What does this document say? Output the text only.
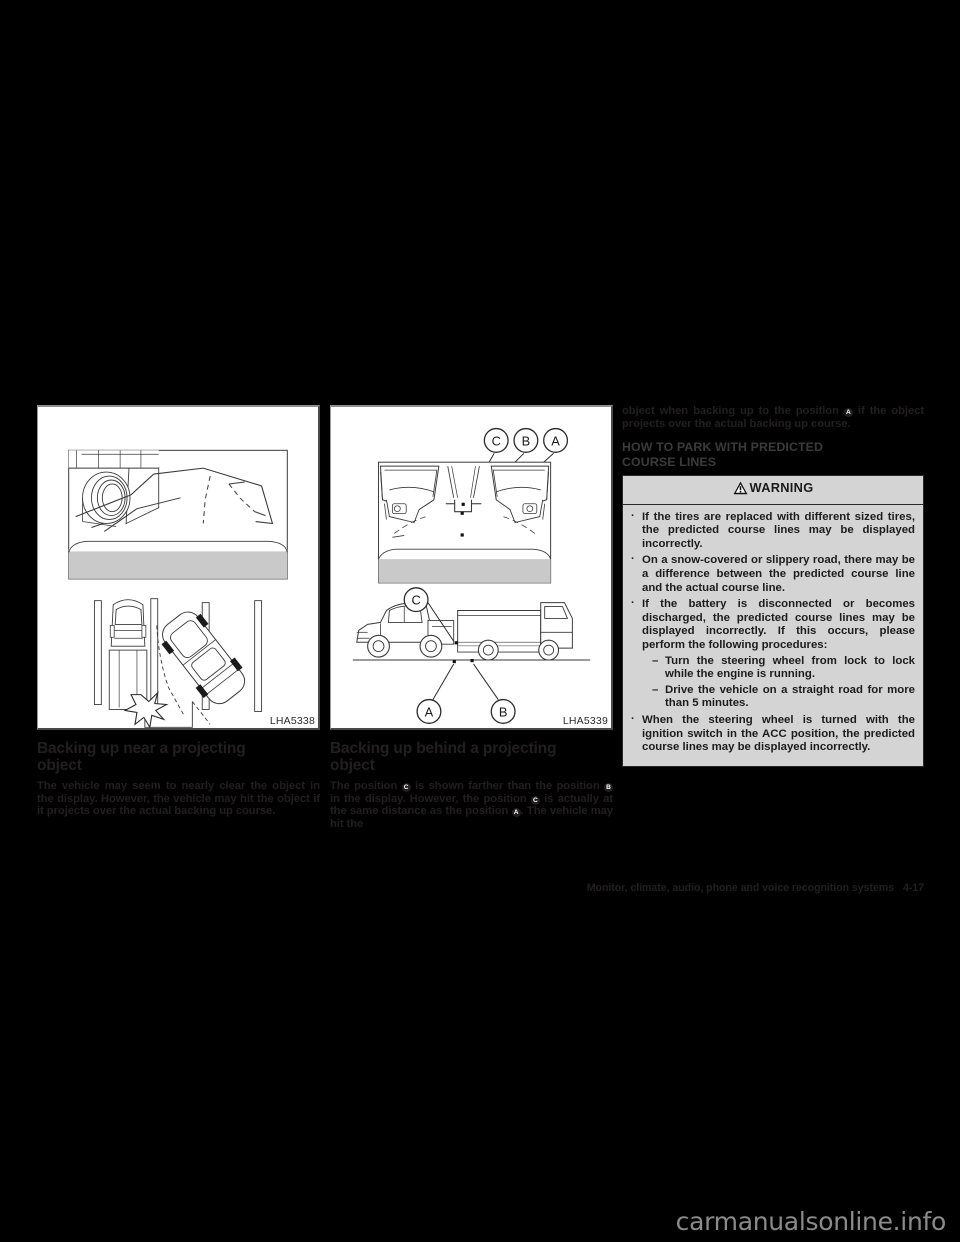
LHA5338
Backing up near a projecting
object

The vehicle may seem to nearly clear the object in the display. However, the vehicle may hit the object if it projects over the actual backing up course.

C B A
C
A	B
LHA5339
Backing up behind a projecting
object

The position C is shown farther than the position B in the display. However, the position C is actually at the same distance as the position A . The vehicle may hit the

object when backing up to the position A if the object projects over the actual backing up course.

HOW TO PARK WITH PREDICTED
COURSE LINES
WARNING
· If the tires are replaced with different sized tires, the predicted course lines may be displayed incorrectly.
· On a snow-covered or slippery road, there may be a difference between the predicted course line and the actual course line.
· If the battery is disconnected or becomes discharged, the predicted course lines may be displayed incorrectly. If this occurs, please perform the following procedures:
– Turn the steering wheel from lock to lock while the engine is running.
– Drive the vehicle on a straight road for more than 5 minutes.
· When the steering wheel is turned with the ignition switch in the ACC position, the predicted course lines may be displayed incorrectly.
Monitor, climate, audio, phone and voice recognition systems 4-17
carmanualsonline.info
